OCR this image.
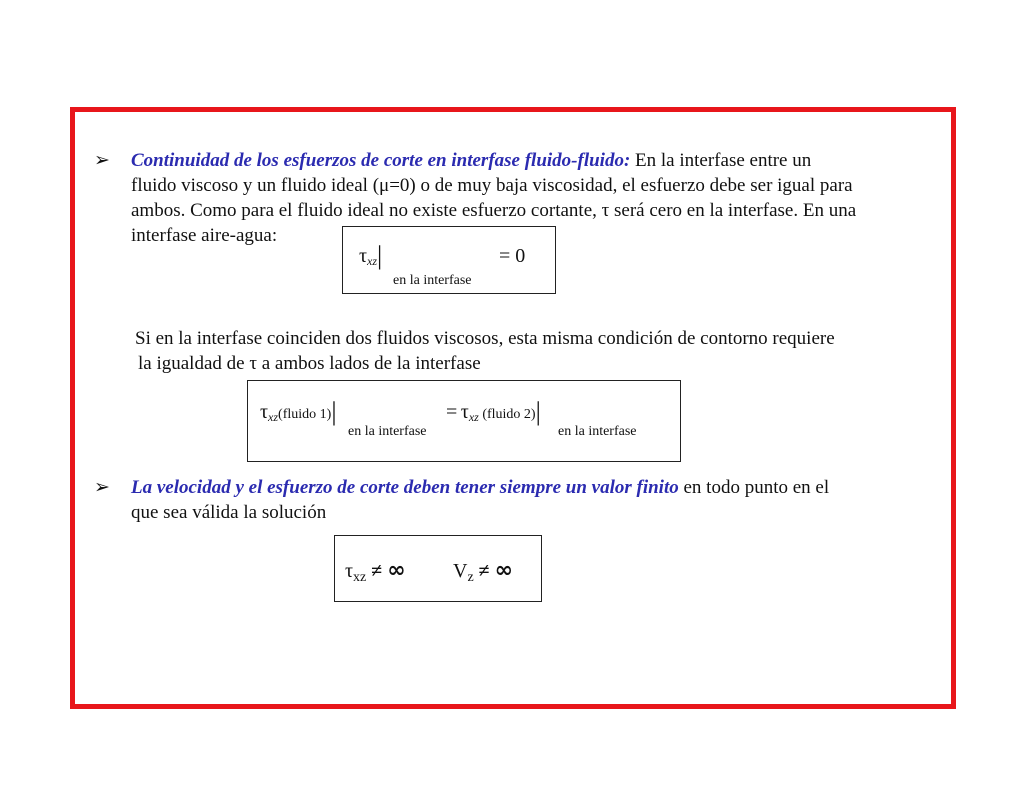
➢ Continuidad de los esfuerzos de corte en interfase fluido-fluido: En la interfase entre un
fluido viscoso y un fluido ideal (μ=0) o de muy baja viscosidad, el esfuerzo debe ser igual para
ambos. Como para el fluido ideal no existe esfuerzo cortante, τ será cero en la interfase. En una
interfase aire-agua:
$\tau_{xz}|$	= 0
en la interfase
Si en la interfase coinciden dos fluidos viscosos, esta misma condición de contorno requiere
la igualdad de τ a ambos lados de la interfase
τxz(fluido 1)|	= τxz (fluido 2)|
en la interfase	en la interfase
➢ La velocidad y el esfuerzo de corte deben tener siempre un valor finito en todo punto en el
que sea válida la solución
$\tau_{xz}$ ≠ ∞ $V_z$ ≠ ∞
